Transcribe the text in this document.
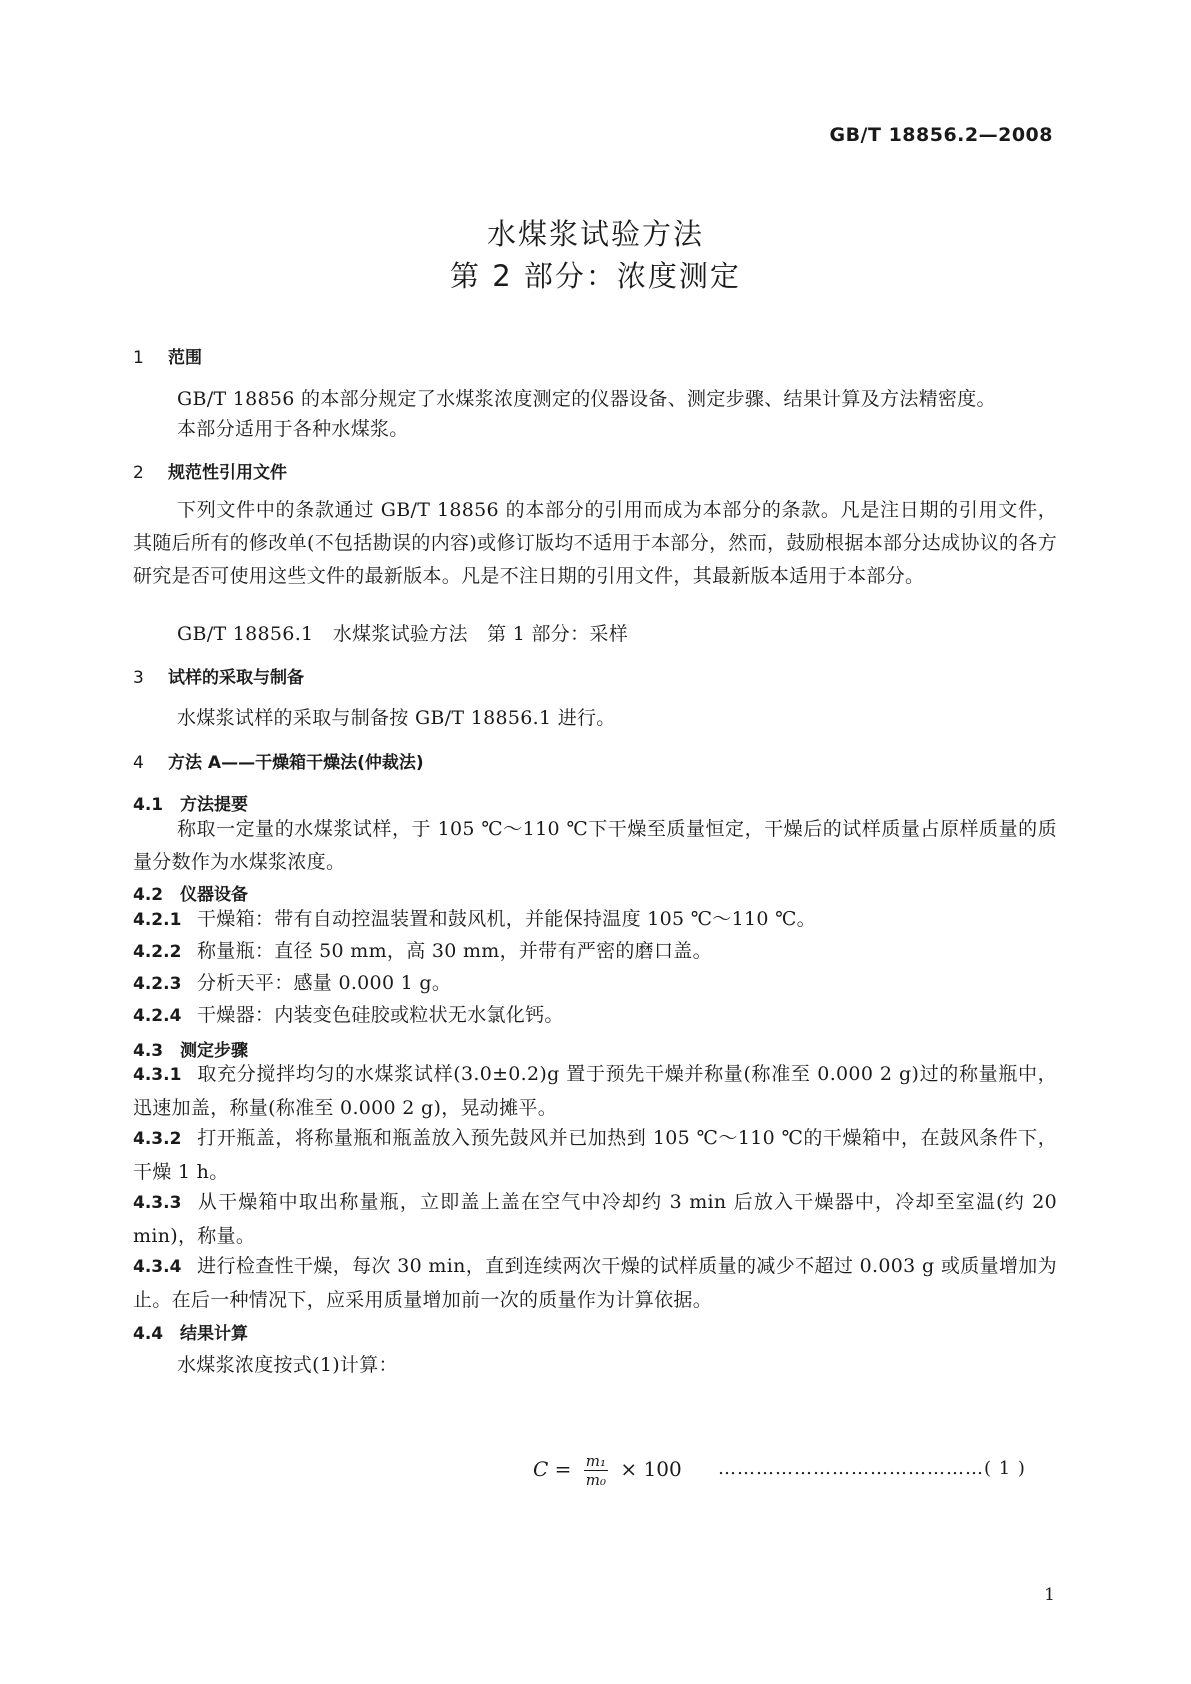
GB/T 18856.2—2008
水煤浆试验方法
第 2 部分：浓度测定
1 范围
GB/T 18856 的本部分规定了水煤浆浓度测定的仪器设备、测定步骤、结果计算及方法精密度。
本部分适用于各种水煤浆。
2 规范性引用文件
下列文件中的条款通过 GB/T 18856 的本部分的引用而成为本部分的条款。凡是注日期的引用文件，其随后所有的修改单(不包括勘误的内容)或修订版均不适用于本部分，然而，鼓励根据本部分达成协议的各方研究是否可使用这些文件的最新版本。凡是不注日期的引用文件，其最新版本适用于本部分。
GB/T 18856.1　水煤浆试验方法　第 1 部分：采样
3 试样的采取与制备
水煤浆试样的采取与制备按 GB/T 18856.1 进行。
4 方法 A——干燥箱干燥法(仲裁法)
4.1 方法提要
称取一定量的水煤浆试样，于 105 ℃～110 ℃下干燥至质量恒定，干燥后的试样质量占原样质量的质量分数作为水煤浆浓度。
4.2 仪器设备
4.2.1 干燥箱：带有自动控温装置和鼓风机，并能保持温度 105 ℃～110 ℃。
4.2.2 称量瓶：直径 50 mm，高 30 mm，并带有严密的磨口盖。
4.2.3 分析天平：感量 0.000 1 g。
4.2.4 干燥器：内装变色硅胶或粒状无水氯化钙。
4.3 测定步骤
4.3.1 取充分搅拌均匀的水煤浆试样(3.0±0.2)g 置于预先干燥并称量(称准至 0.000 2 g)过的称量瓶中，迅速加盖，称量(称准至 0.000 2 g)，晃动摊平。
4.3.2 打开瓶盖，将称量瓶和瓶盖放入预先鼓风并已加热到 105 ℃～110 ℃的干燥箱中，在鼓风条件下，干燥 1 h。
4.3.3 从干燥箱中取出称量瓶，立即盖上盖在空气中冷却约 3 min 后放入干燥器中，冷却至室温(约 20 min)，称量。
4.3.4 进行检查性干燥，每次 30 min，直到连续两次干燥的试样质量的减少不超过 0.003 g 或质量增加为止。在后一种情况下，应采用质量增加前一次的质量作为计算依据。
4.4 结果计算
水煤浆浓度按式(1)计算：
$C = \frac{\text{m₁}}{\text{m₀}} \times 100$ ……………………………………( 1 )
1
